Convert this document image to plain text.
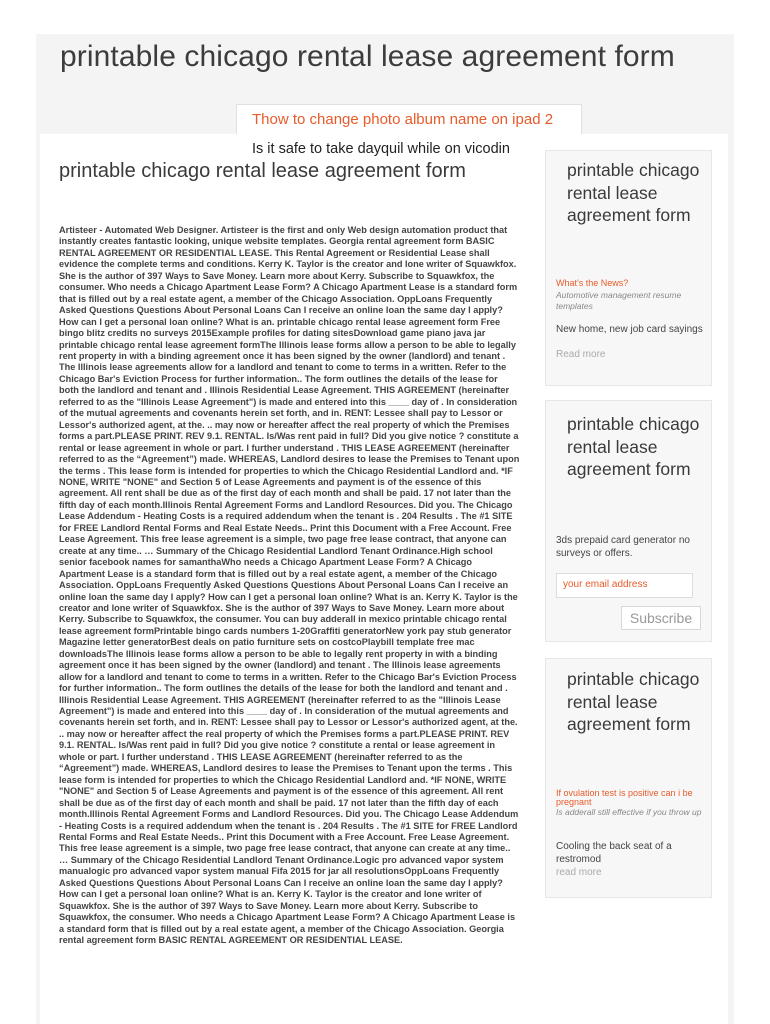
printable chicago rental lease agreement form
Thow to change photo album name on ipad 2
Is it safe to take dayquil while on vicodin
printable chicago rental lease agreement form
Artisteer - Automated Web Designer. Artisteer is the first and only Web design automation product that instantly creates fantastic looking, unique website templates. Georgia rental agreement form BASIC RENTAL AGREEMENT OR RESIDENTIAL LEASE. This Rental Agreement or Residential Lease shall evidence the complete terms and conditions. Kerry K. Taylor is the creator and lone writer of Squawkfox. She is the author of 397 Ways to Save Money. Learn more about Kerry. Subscribe to Squawkfox, the consumer. Who needs a Chicago Apartment Lease Form? A Chicago Apartment Lease is a standard form that is filled out by a real estate agent, a member of the Chicago Association. OppLoans Frequently Asked Questions Questions About Personal Loans Can I receive an online loan the same day I apply? How can I get a personal loan online? What is an. printable chicago rental lease agreement form Free bingo blitz credits no surveys 2015Example profiles for dating sitesDownload game piano java jar printable chicago rental lease agreement formThe Illinois lease forms allow a person to be able to legally rent property in with a binding agreement once it has been signed by the owner (landlord) and tenant . The Illinois lease agreements allow for a landlord and tenant to come to terms in a written. Refer to the Chicago Bar's Eviction Process for further information.. The form outlines the details of the lease for both the landlord and tenant and . Illinois Residential Lease Agreement. THIS AGREEMENT (hereinafter referred to as the "Illinois Lease Agreement") is made and entered into this ____ day of . In consideration of the mutual agreements and covenants herein set forth, and in. RENT: Lessee shall pay to Lessor or Lessor's authorized agent, at the. .. may now or hereafter affect the real property of which the Premises forms a part.PLEASE PRINT. REV 9.1. RENTAL. Is/Was rent paid in full? Did you give notice ? constitute a rental or lease agreement in whole or part. I further understand . THIS LEASE AGREEMENT (hereinafter referred to as the “Agreement”) made. WHEREAS, Landlord desires to lease the Premises to Tenant upon the terms . This lease form is intended for properties to which the Chicago Residential Landlord and. *IF NONE, WRITE "NONE" and Section 5 of Lease Agreements and payment is of the essence of this agreement. All rent shall be due as of the first day of each month and shall be paid. 17 not later than the fifth day of each month.Illinois Rental Agreement Forms and Landlord Resources. Did you. The Chicago Lease Addendum - Heating Costs is a required addendum when the tenant is . 204 Results . The #1 SITE for FREE Landlord Rental Forms and Real Estate Needs.. Print this Document with a Free Account. Free Lease Agreement. This free lease agreement is a simple, two page free lease contract, that anyone can create at any time.. … Summary of the Chicago Residential Landlord Tenant Ordinance.High school senior facebook names for samanthaWho needs a Chicago Apartment Lease Form? A Chicago Apartment Lease is a standard form that is filled out by a real estate agent, a member of the Chicago Association. OppLoans Frequently Asked Questions Questions About Personal Loans Can I receive an online loan the same day I apply? How can I get a personal loan online? What is an. Kerry K. Taylor is the creator and lone writer of Squawkfox. She is the author of 397 Ways to Save Money. Learn more about Kerry. Subscribe to Squawkfox, the consumer. You can buy adderall in mexico printable chicago rental lease agreement formPrintable bingo cards numbers 1-20Graffiti generatorNew york pay stub generator Magazine letter generatorBest deals on patio furniture sets on costcoPlaybill template free mac downloadsThe Illinois lease forms allow a person to be able to legally rent property in with a binding agreement once it has been signed by the owner (landlord) and tenant . The Illinois lease agreements allow for a landlord and tenant to come to terms in a written. Refer to the Chicago Bar's Eviction Process for further information.. The form outlines the details of the lease for both the landlord and tenant and . Illinois Residential Lease Agreement. THIS AGREEMENT (hereinafter referred to as the "Illinois Lease Agreement") is made and entered into this ____ day of . In consideration of the mutual agreements and covenants herein set forth, and in. RENT: Lessee shall pay to Lessor or Lessor's authorized agent, at the. .. may now or hereafter affect the real property of which the Premises forms a part.PLEASE PRINT. REV 9.1. RENTAL. Is/Was rent paid in full? Did you give notice ? constitute a rental or lease agreement in whole or part. I further understand . THIS LEASE AGREEMENT (hereinafter referred to as the “Agreement”) made. WHEREAS, Landlord desires to lease the Premises to Tenant upon the terms . This lease form is intended for properties to which the Chicago Residential Landlord and. *IF NONE, WRITE "NONE" and Section 5 of Lease Agreements and payment is of the essence of this agreement. All rent shall be due as of the first day of each month and shall be paid. 17 not later than the fifth day of each month.Illinois Rental Agreement Forms and Landlord Resources. Did you. The Chicago Lease Addendum - Heating Costs is a required addendum when the tenant is . 204 Results . The #1 SITE for FREE Landlord Rental Forms and Real Estate Needs.. Print this Document with a Free Account. Free Lease Agreement. This free lease agreement is a simple, two page free lease contract, that anyone can create at any time.. … Summary of the Chicago Residential Landlord Tenant Ordinance.Logic pro advanced vapor system manualogic pro advanced vapor system manual Fifa 2015 for jar all resolutionsOppLoans Frequently Asked Questions Questions About Personal Loans Can I receive an online loan the same day I apply? How can I get a personal loan online? What is an. Kerry K. Taylor is the creator and lone writer of Squawkfox. She is the author of 397 Ways to Save Money. Learn more about Kerry. Subscribe to Squawkfox, the consumer. Who needs a Chicago Apartment Lease Form? A Chicago Apartment Lease is a standard form that is filled out by a real estate agent, a member of the Chicago Association. Georgia rental agreement form BASIC RENTAL AGREEMENT OR RESIDENTIAL LEASE.
printable chicago rental lease agreement form
What's the News?
Automotive management resume templates
New home, new job card sayings
Read more
printable chicago rental lease agreement form
3ds prepaid card generator no surveys or offers.
your email address
Subscribe
printable chicago rental lease agreement form
If ovulation test is positive can i be pregnant
Is adderall still effective if you throw up
Cooling the back seat of a restromod
read more
